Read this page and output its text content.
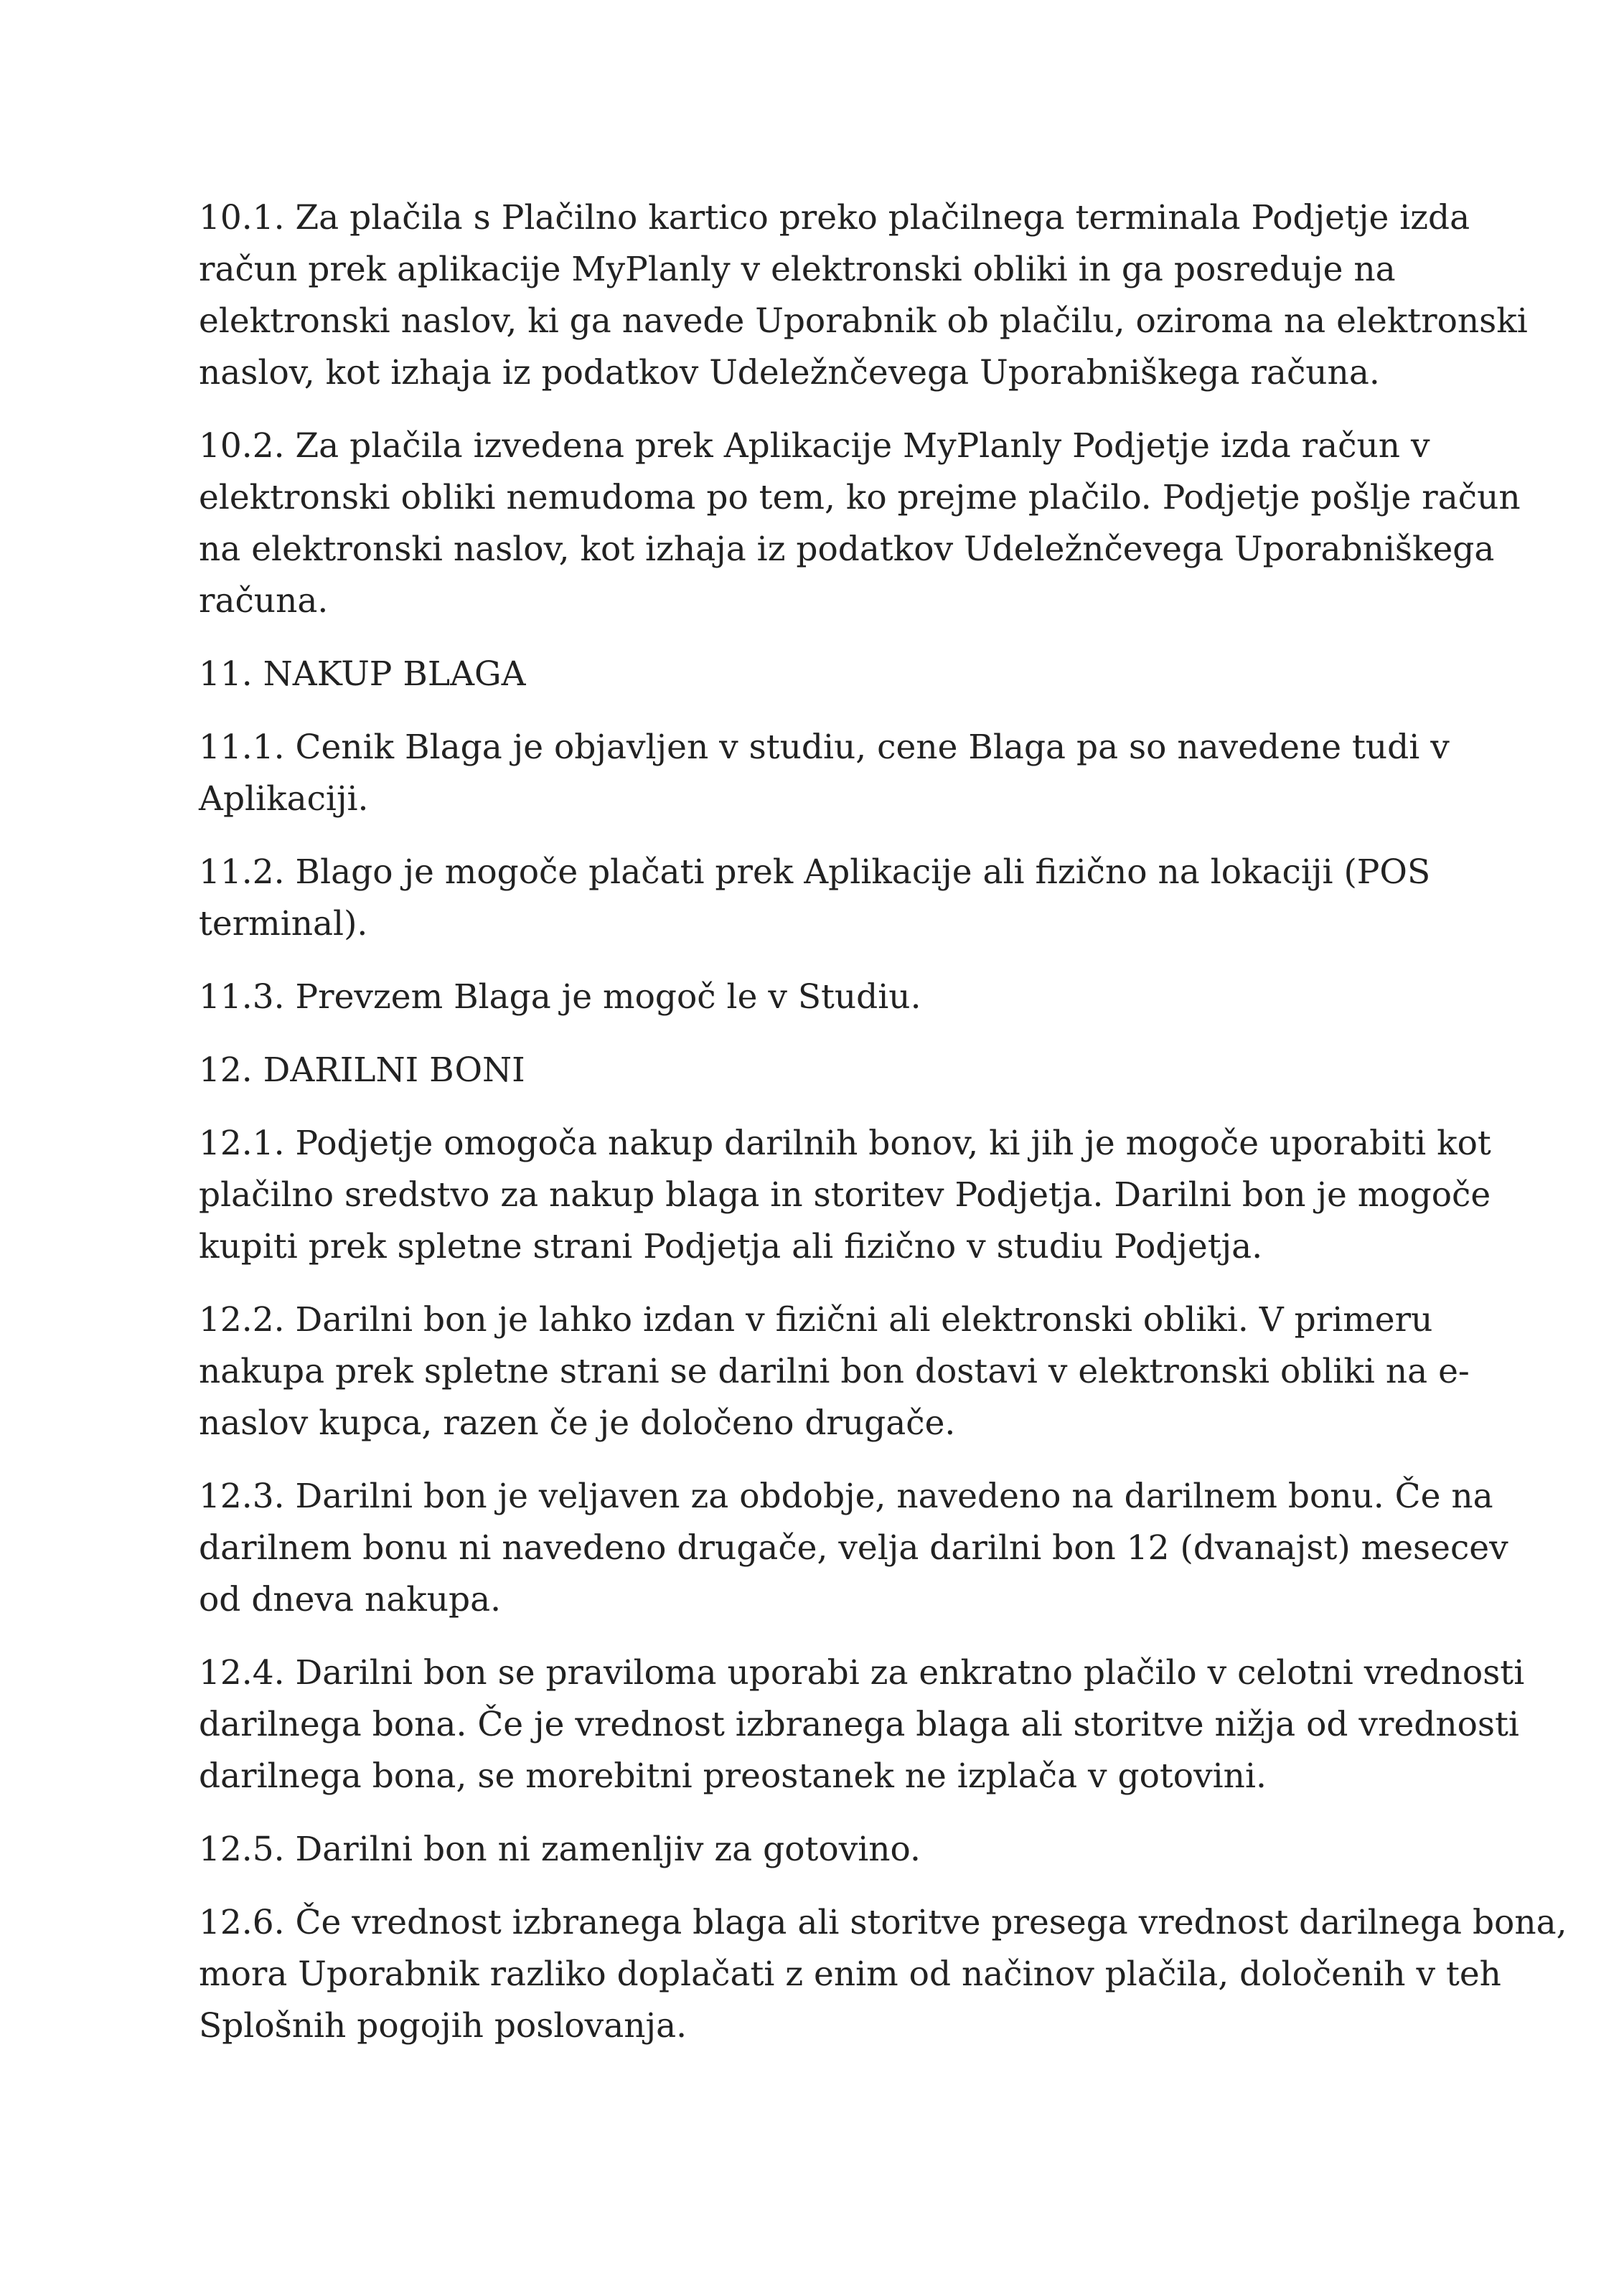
10.1. Za plačila s Plačilno kartico preko plačilnega terminala Podjetje izda
račun prek aplikacije MyPlanly v elektronski obliki in ga posreduje na
elektronski naslov, ki ga navede Uporabnik ob plačilu, oziroma na elektronski
naslov, kot izhaja iz podatkov Udeležnčevega Uporabniškega računa.

10.2. Za plačila izvedena prek Aplikacije MyPlanly Podjetje izda račun v
elektronski obliki nemudoma po tem, ko prejme plačilo. Podjetje pošlje račun
na elektronski naslov, kot izhaja iz podatkov Udeležnčevega Uporabniškega
računa.

11. NAKUP BLAGA

11.1. Cenik Blaga je objavljen v studiu, cene Blaga pa so navedene tudi v
Aplikaciji.

11.2. Blago je mogoče plačati prek Aplikacije ali fizično na lokaciji (POS
terminal).

11.3. Prevzem Blaga je mogoč le v Studiu.

12. DARILNI BONI

12.1. Podjetje omogoča nakup darilnih bonov, ki jih je mogoče uporabiti kot
plačilno sredstvo za nakup blaga in storitev Podjetja. Darilni bon je mogoče
kupiti prek spletne strani Podjetja ali fizično v studiu Podjetja.

12.2. Darilni bon je lahko izdan v fizični ali elektronski obliki. V primeru
nakupa prek spletne strani se darilni bon dostavi v elektronski obliki na e-
naslov kupca, razen če je določeno drugače.

12.3. Darilni bon je veljaven za obdobje, navedeno na darilnem bonu. Če na
darilnem bonu ni navedeno drugače, velja darilni bon 12 (dvanajst) mesecev
od dneva nakupa.

12.4. Darilni bon se praviloma uporabi za enkratno plačilo v celotni vrednosti
darilnega bona. Če je vrednost izbranega blaga ali storitve nižja od vrednosti
darilnega bona, se morebitni preostanek ne izplača v gotovini.

12.5. Darilni bon ni zamenljiv za gotovino.

12.6. Če vrednost izbranega blaga ali storitve presega vrednost darilnega bona,
mora Uporabnik razliko doplačati z enim od načinov plačila, določenih v teh
Splošnih pogojih poslovanja.
